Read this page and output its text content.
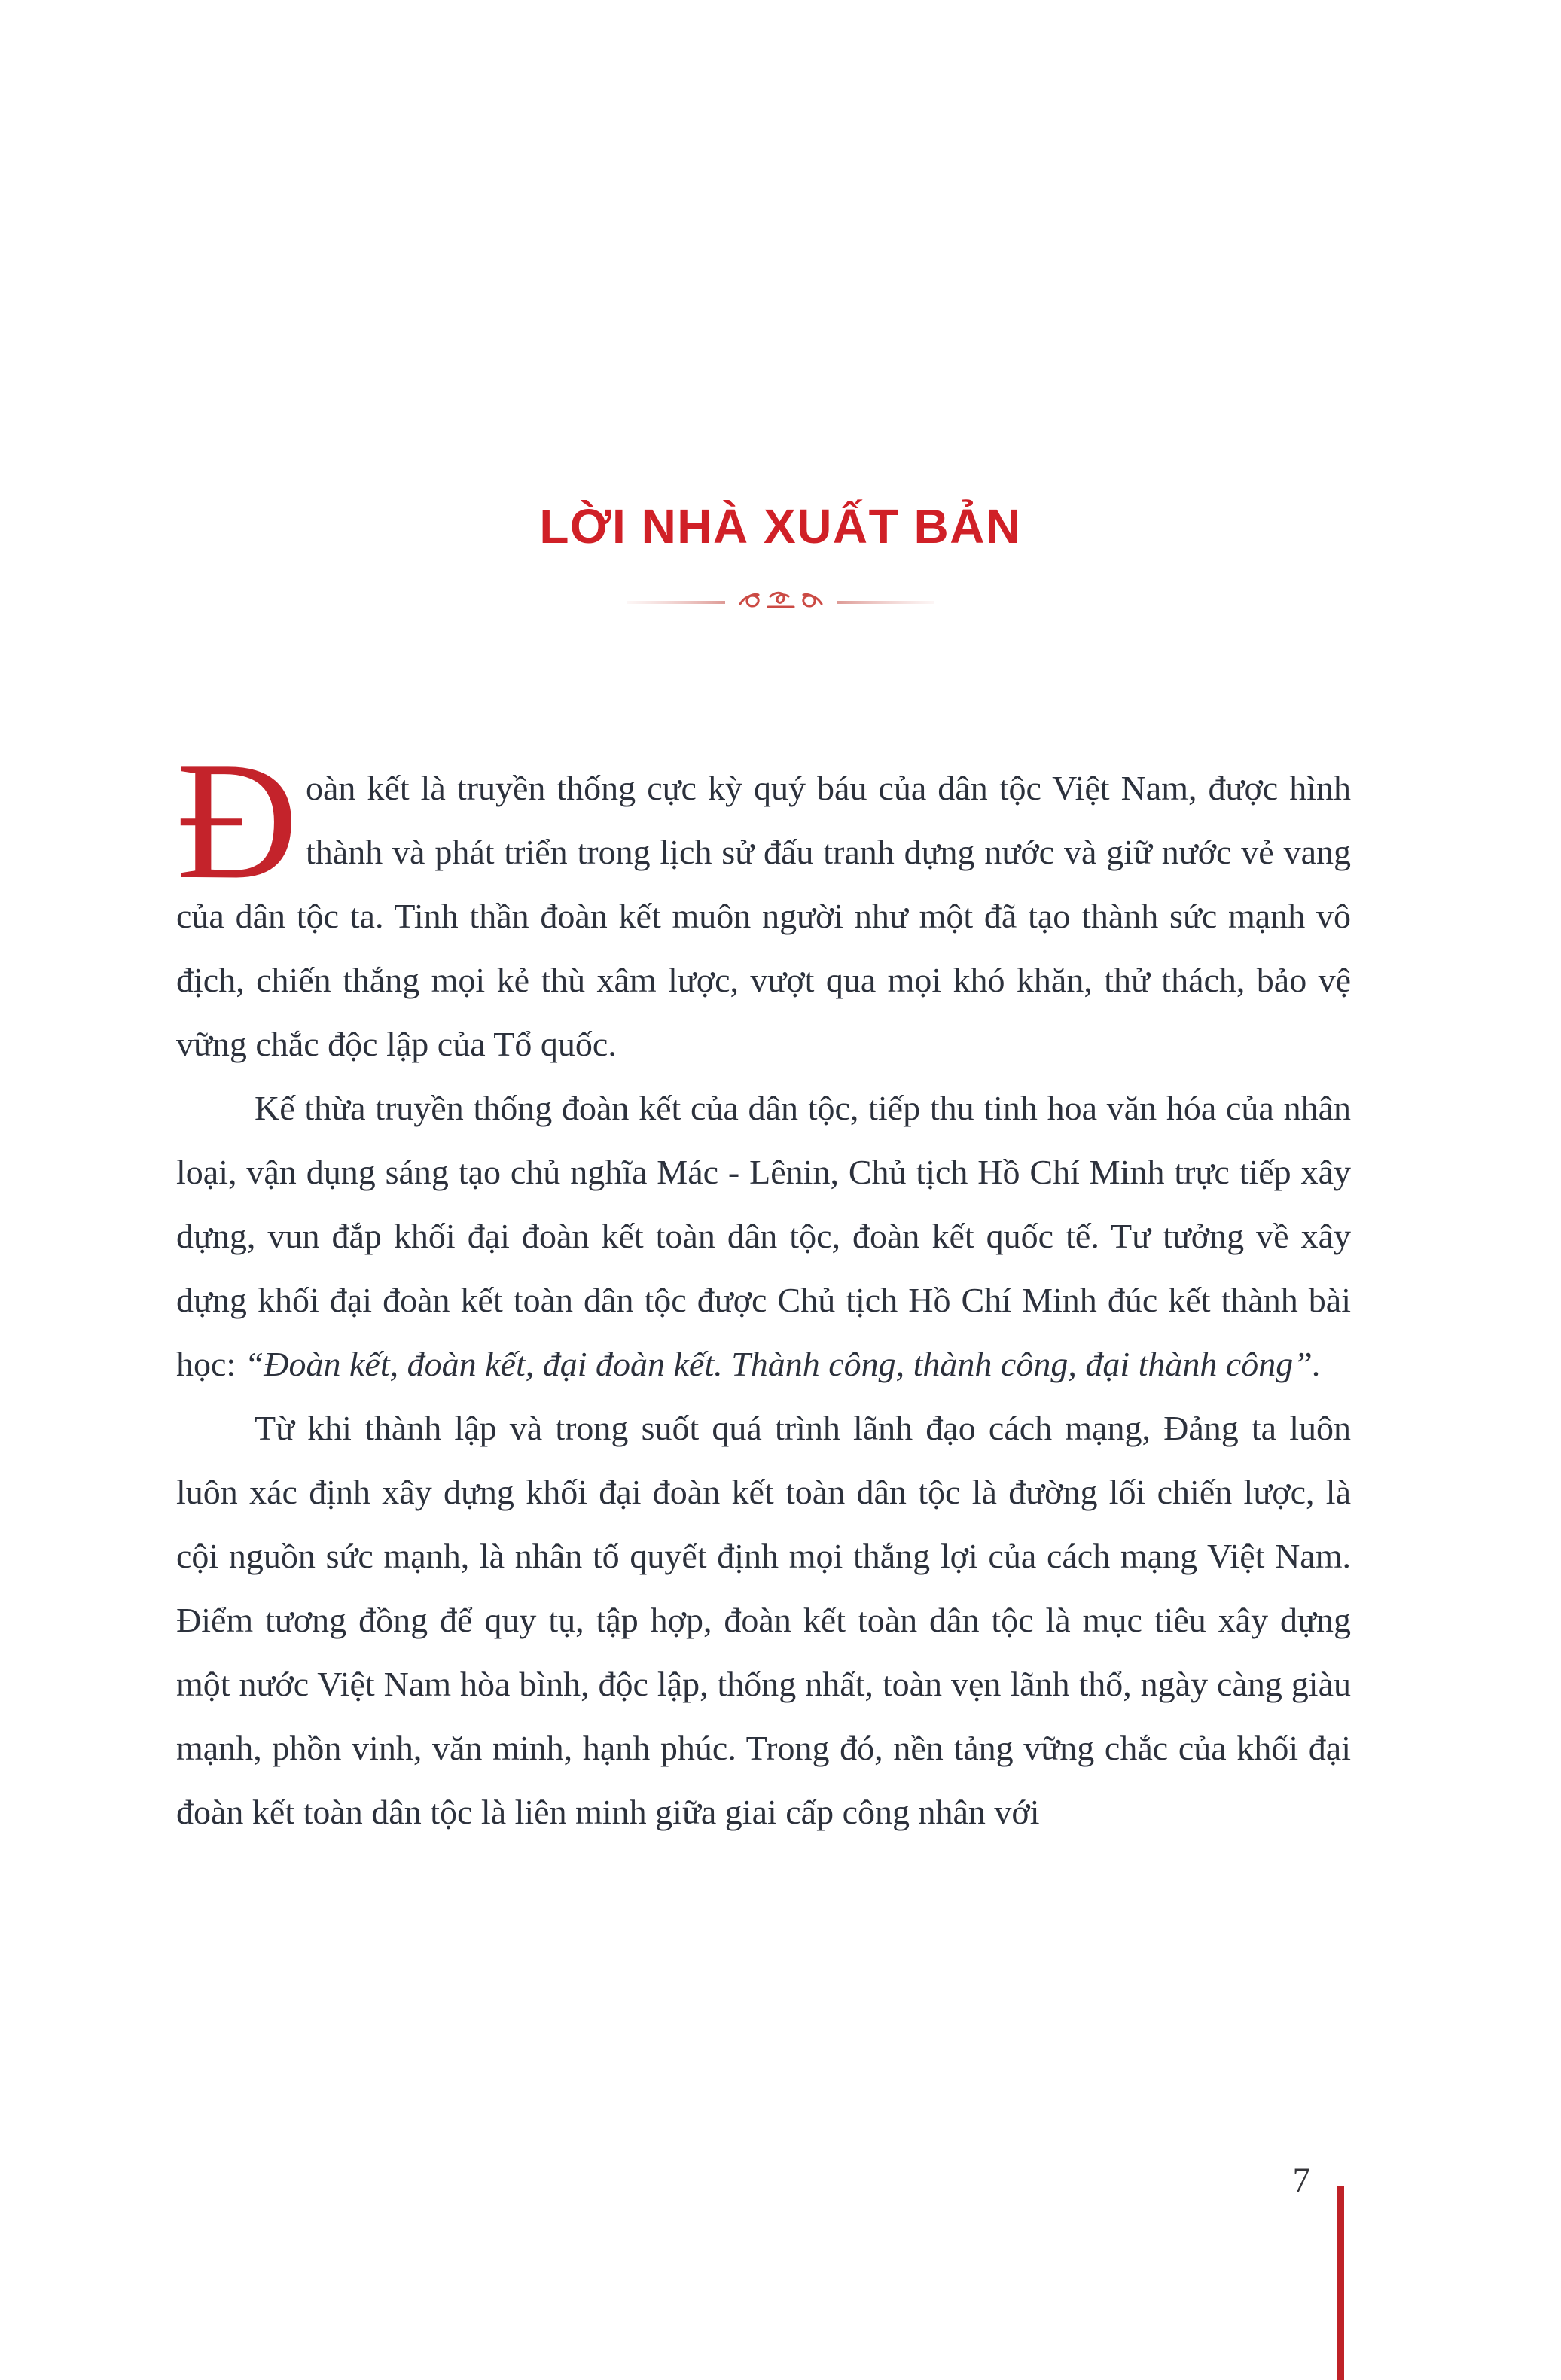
LỜI NHÀ XUẤT BẢN

Đoàn kết là truyền thống cực kỳ quý báu của dân tộc Việt Nam, được hình thành và phát triển trong lịch sử đấu tranh dựng nước và giữ nước vẻ vang của dân tộc ta. Tinh thần đoàn kết muôn người như một đã tạo thành sức mạnh vô địch, chiến thắng mọi kẻ thù xâm lược, vượt qua mọi khó khăn, thử thách, bảo vệ vững chắc độc lập của Tổ quốc.

Kế thừa truyền thống đoàn kết của dân tộc, tiếp thu tinh hoa văn hóa của nhân loại, vận dụng sáng tạo chủ nghĩa Mác - Lênin, Chủ tịch Hồ Chí Minh trực tiếp xây dựng, vun đắp khối đại đoàn kết toàn dân tộc, đoàn kết quốc tế. Tư tưởng về xây dựng khối đại đoàn kết toàn dân tộc được Chủ tịch Hồ Chí Minh đúc kết thành bài học: “Đoàn kết, đoàn kết, đại đoàn kết. Thành công, thành công, đại thành công”.

Từ khi thành lập và trong suốt quá trình lãnh đạo cách mạng, Đảng ta luôn luôn xác định xây dựng khối đại đoàn kết toàn dân tộc là đường lối chiến lược, là cội nguồn sức mạnh, là nhân tố quyết định mọi thắng lợi của cách mạng Việt Nam. Điểm tương đồng để quy tụ, tập hợp, đoàn kết toàn dân tộc là mục tiêu xây dựng một nước Việt Nam hòa bình, độc lập, thống nhất, toàn vẹn lãnh thổ, ngày càng giàu mạnh, phồn vinh, văn minh, hạnh phúc. Trong đó, nền tảng vững chắc của khối đại đoàn kết toàn dân tộc là liên minh giữa giai cấp công nhân với

7
